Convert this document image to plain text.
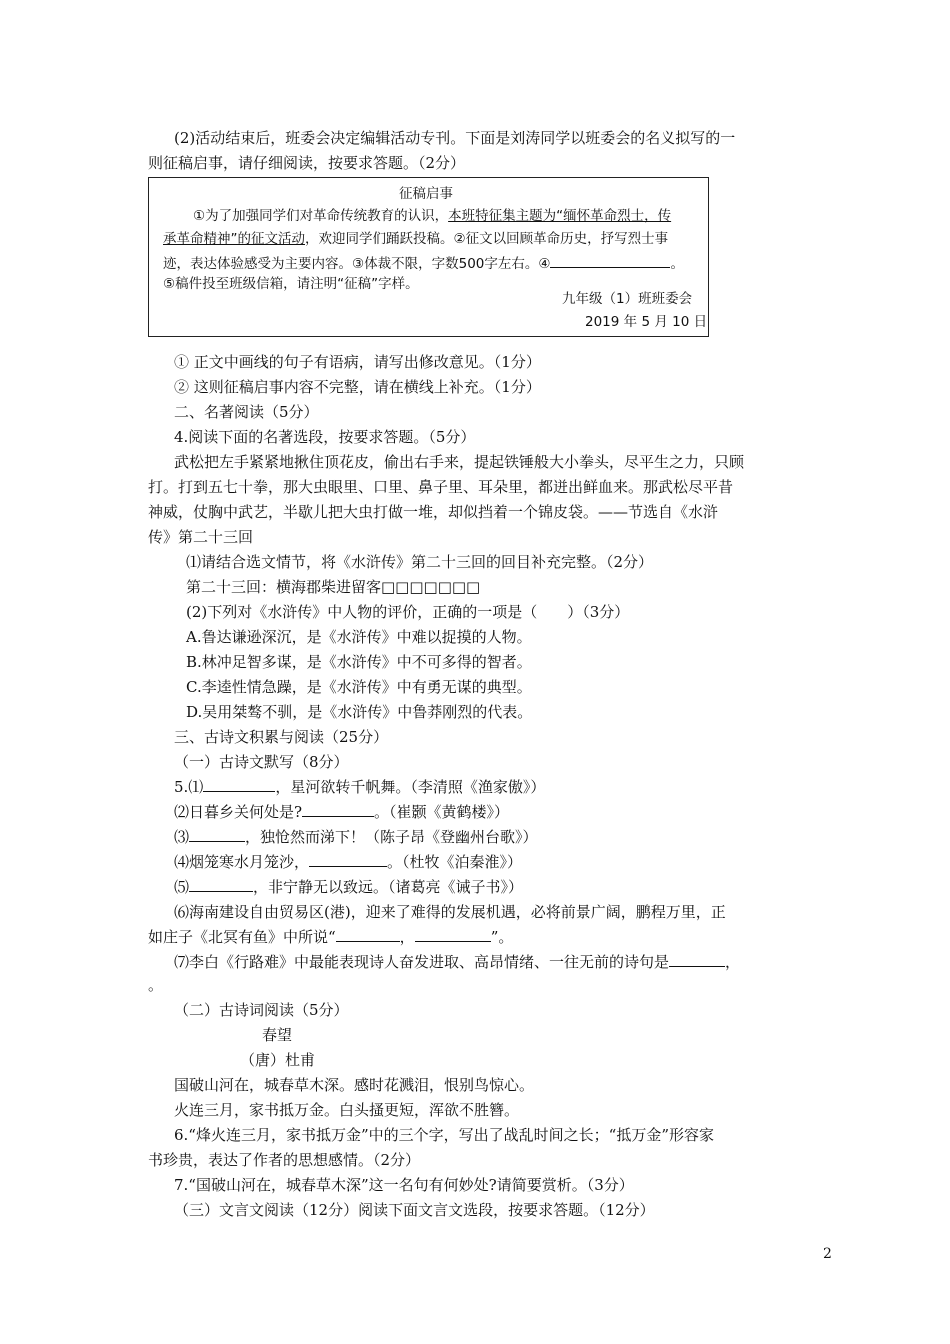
(2)活动结束后，班委会决定编辑活动专刊。下面是刘涛同学以班委会的名义拟写的一
则征稿启事，请仔细阅读，按要求答题。（2分）
征稿启事
①为了加强同学们对革命传统教育的认识，本班特征集主题为“缅怀革命烈士，传
承革命精神”的征文活动，欢迎同学们踊跃投稿。②征文以回顾革命历史，抒写烈士事
迹，表达体验感受为主要内容。③体裁不限，字数500字左右。④	。
⑤稿件投至班级信箱，请注明“征稿”字样。
九年级（1）班班委会
2019 年 5 月 10 日
① 正文中画线的句子有语病，请写出修改意见。（1分）
② 这则征稿启事内容不完整，请在横线上补充。（1分）
二、名著阅读（5分）
4.阅读下面的名著选段，按要求答题。（5分）
武松把左手紧紧地揪住顶花皮，偷出右手来，提起铁锤般大小拳头，尽平生之力，只顾
打。打到五七十拳，那大虫眼里、口里、鼻子里、耳朵里，都迸出鲜血来。那武松尽平昔
神威，仗胸中武艺，半歇儿把大虫打做一堆，却似挡着一个锦皮袋。——节选自《水浒
传》第二十三回
⑴请结合选文情节，将《水浒传》第二十三回的回目补充完整。（2分）
第二十三回：横海郡柴进留客□□□□□□□
(2)下列对《水浒传》中人物的评价，正确的一项是（　　）（3分）
A.鲁达谦逊深沉，是《水浒传》中难以捉摸的人物。
B.林冲足智多谋，是《水浒传》中不可多得的智者。
C.李逵性情急躁，是《水浒传》中有勇无谋的典型。
D.吴用桀骜不驯，是《水浒传》中鲁莽刚烈的代表。
三、古诗文积累与阅读（25分）
（一）古诗文默写（8分）
5.⑴	，星河欲转千帆舞。（李清照《渔家傲》）
⑵日暮乡关何处是?	。（崔颢《黄鹤楼》）
⑶	，独怆然而涕下！（陈子昂《登幽州台歌》）
⑷烟笼寒水月笼沙，	。（杜牧《泊秦淮》）
⑸	，非宁静无以致远。（诸葛亮《诫子书》）
⑹海南建设自由贸易区(港)，迎来了难得的发展机遇，必将前景广阔，鹏程万里，正
如庄子《北冥有鱼》中所说“	，	”。
⑺李白《行路难》中最能表现诗人奋发进取、高昂情绪、一往无前的诗句是	，
。
（二）古诗词阅读（5分）
春望
（唐）杜甫
国破山河在，城春草木深。感时花溅泪，恨别鸟惊心。
火连三月，家书抵万金。白头搔更短，浑欲不胜簪。
6.“烽火连三月，家书抵万金”中的三个字，写出了战乱时间之长；“抵万金”形容家
书珍贵，表达了作者的思想感情。（2分）
7.“国破山河在，城春草木深”这一名句有何妙处?请简要赏析。（3分）
（三）文言文阅读（12分）阅读下面文言文选段，按要求答题。（12分）
2
